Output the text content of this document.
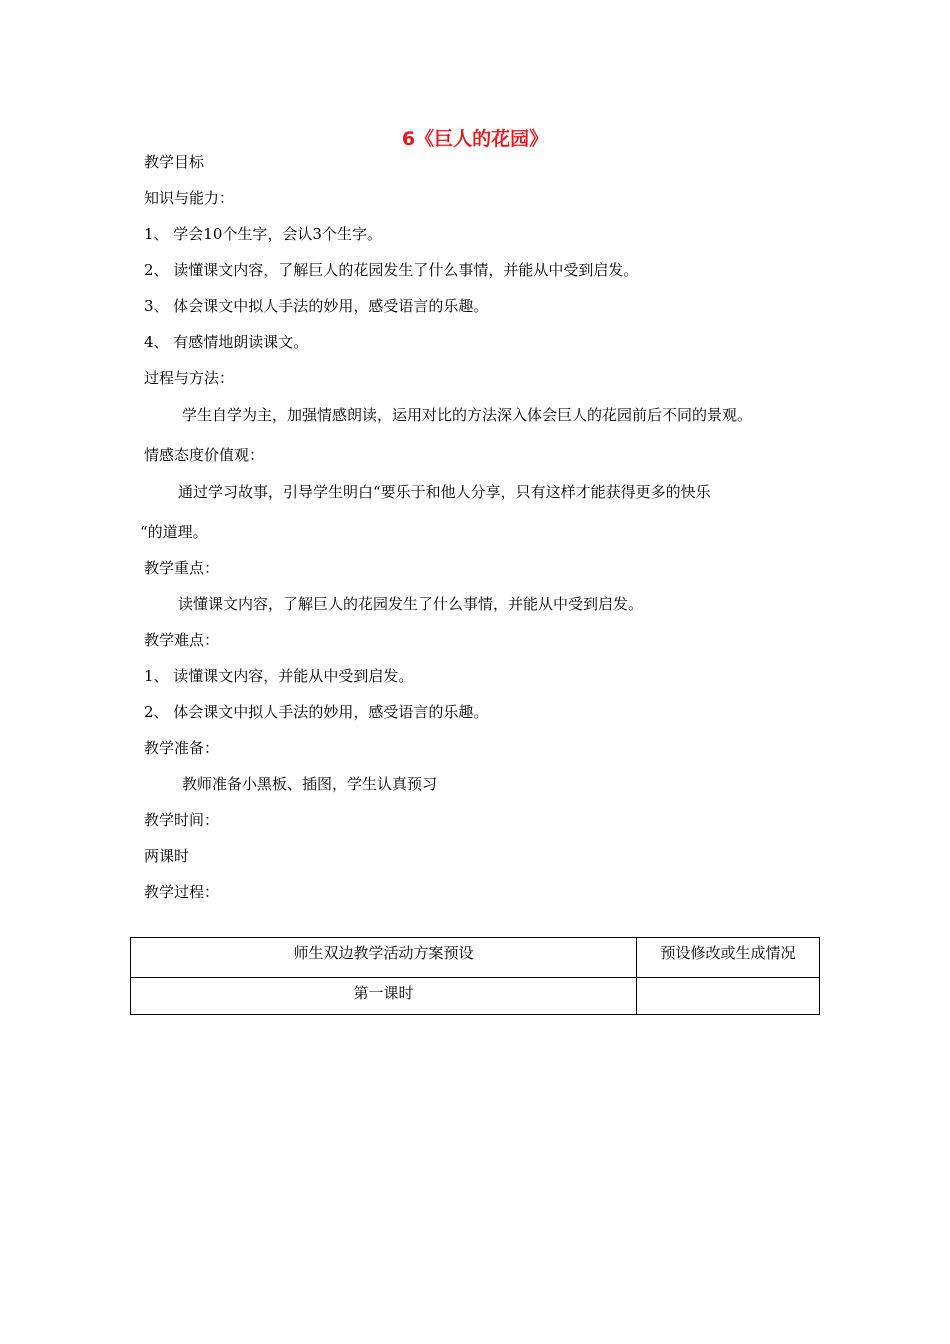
6《巨人的花园》
教学目标
知识与能力：
1、 学会10个生字，会认3个生字。
2、 读懂课文内容，了解巨人的花园发生了什么事情，并能从中受到启发。
3、 体会课文中拟人手法的妙用，感受语言的乐趣。
4、 有感情地朗读课文。
过程与方法：
学生自学为主，加强情感朗读，运用对比的方法深入体会巨人的花园前后不同的景观。
情感态度价值观：
通过学习故事，引导学生明白“要乐于和他人分享，只有这样才能获得更多的快乐
“的道理。
教学重点：
读懂课文内容，了解巨人的花园发生了什么事情，并能从中受到启发。
教学难点：
1、 读懂课文内容，并能从中受到启发。
2、 体会课文中拟人手法的妙用，感受语言的乐趣。
教学准备：
教师准备小黑板、插图，学生认真预习
教学时间：
两课时
教学过程：
师生双边教学活动方案预设	预设修改或生成情况
第一课时
